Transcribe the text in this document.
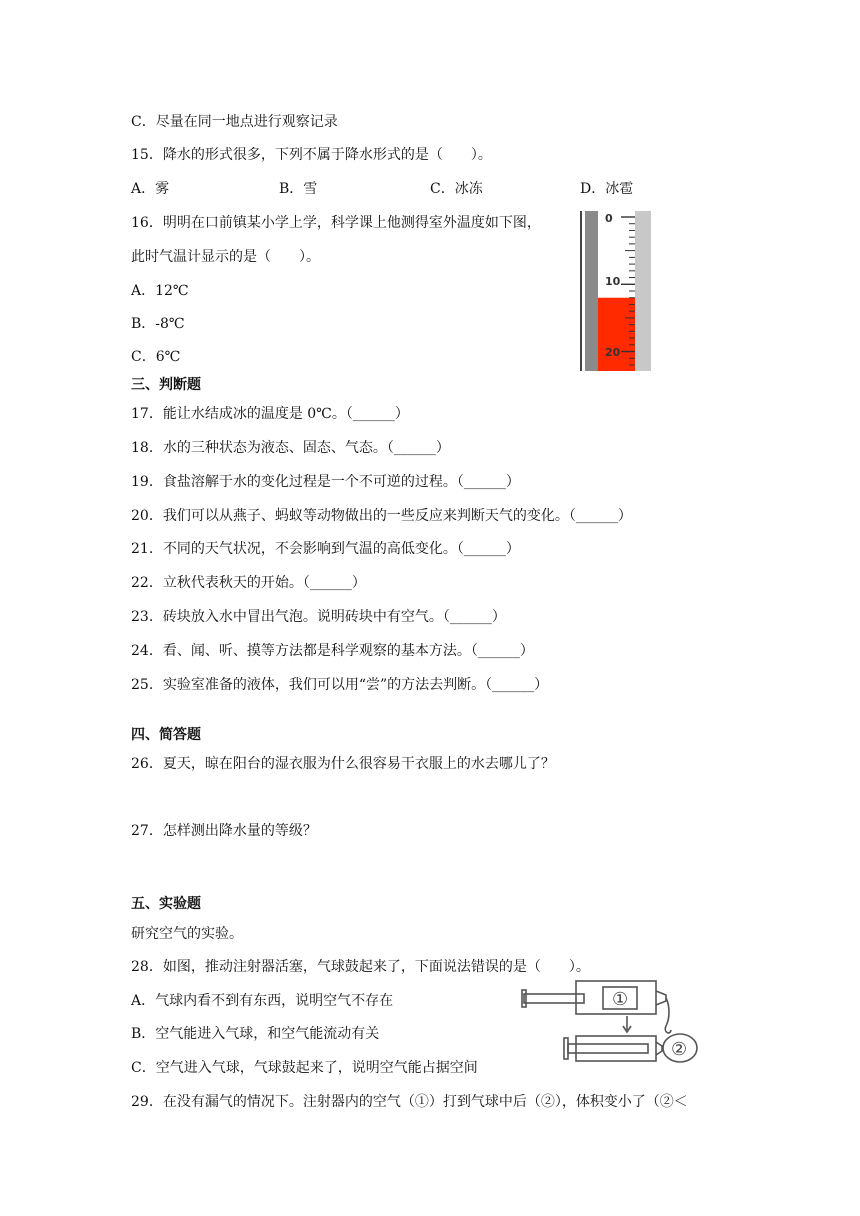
C．尽量在同一地点进行观察记录
15．降水的形式很多，下列不属于降水形式的是（　　）。
A．雾	B．雪	C．冰冻	D．冰雹
16．明明在口前镇某小学上学，科学课上他测得室外温度如下图，
此时气温计显示的是（　　）。
A．12℃
B．-8℃
C．6℃
0
10
20
三、判断题
17．能让水结成冰的温度是 0℃。（______）
18．水的三种状态为液态、固态、气态。（______）
19．食盐溶解于水的变化过程是一个不可逆的过程。（______）
20．我们可以从燕子、蚂蚁等动物做出的一些反应来判断天气的变化。（______）
21．不同的天气状况，不会影响到气温的高低变化。（______）
22．立秋代表秋天的开始。（______）
23．砖块放入水中冒出气泡。说明砖块中有空气。（______）
24．看、闻、听、摸等方法都是科学观察的基本方法。（______）
25．实验室准备的液体，我们可以用“尝”的方法去判断。（______）
四、简答题
26．夏天，晾在阳台的湿衣服为什么很容易干衣服上的水去哪儿了？
27．怎样测出降水量的等级？
五、实验题
研究空气的实验。
28．如图，推动注射器活塞，气球鼓起来了，下面说法错误的是（　　）。
A．气球内看不到有东西，说明空气不存在
B．空气能进入气球，和空气能流动有关
C．空气进入气球，气球鼓起来了，说明空气能占据空间
29．在没有漏气的情况下。注射器内的空气（①）打到气球中后（②），体积变小了（②＜
①
②
